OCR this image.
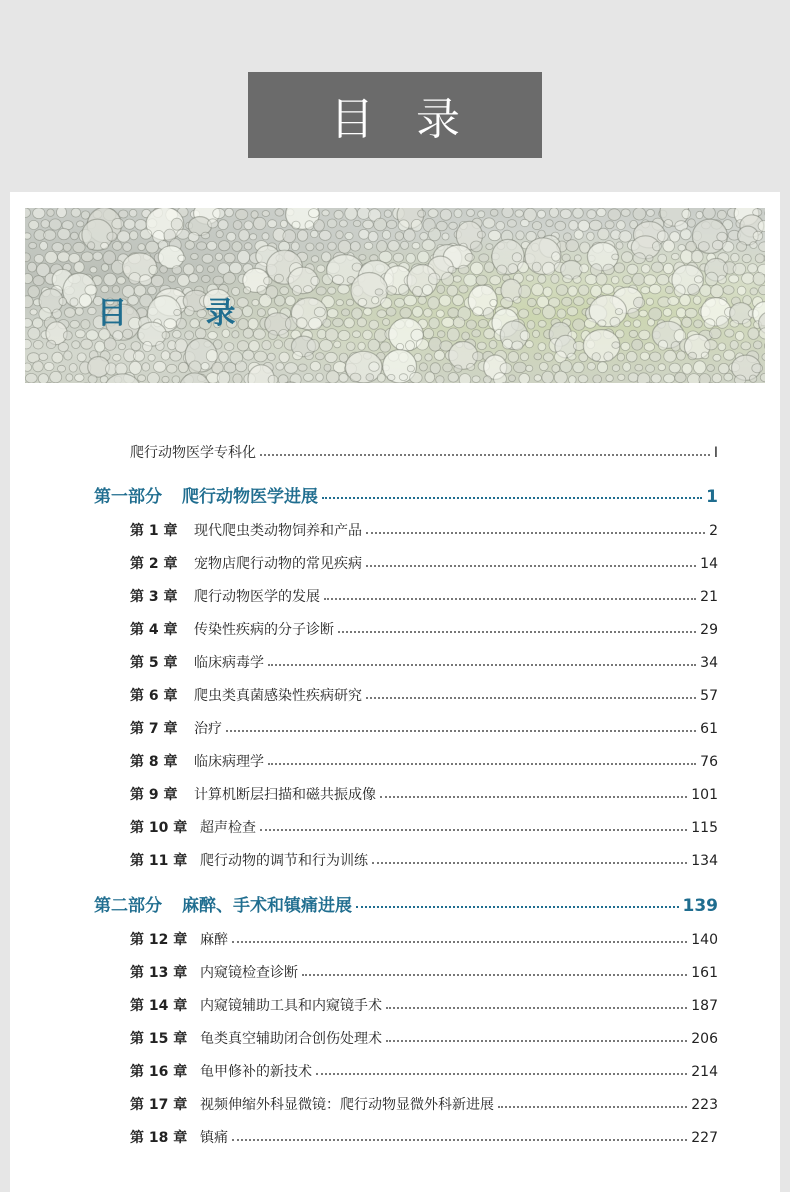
目 录
目 录
爬行动物医学专科化	I
第一部分 爬行动物医学进展	1
第 1 章	现代爬虫类动物饲养和产品	2
第 2 章	宠物店爬行动物的常见疾病	14
第 3 章	爬行动物医学的发展	21
第 4 章	传染性疾病的分子诊断	29
第 5 章	临床病毒学	34
第 6 章	爬虫类真菌感染性疾病研究	57
第 7 章	治疗	61
第 8 章	临床病理学	76
第 9 章	计算机断层扫描和磁共振成像	101
第 10 章 超声检查	115
第 11 章 爬行动物的调节和行为训练	134
第二部分 麻醉、手术和镇痛进展	139
第 12 章 麻醉	140
第 13 章 内窥镜检查诊断	161
第 14 章 内窥镜辅助工具和内窥镜手术	187
第 15 章 龟类真空辅助闭合创伤处理术	206
第 16 章 龟甲修补的新技术	214
第 17 章 视频伸缩外科显微镜：爬行动物显微外科新进展	223
第 18 章 镇痛	227
